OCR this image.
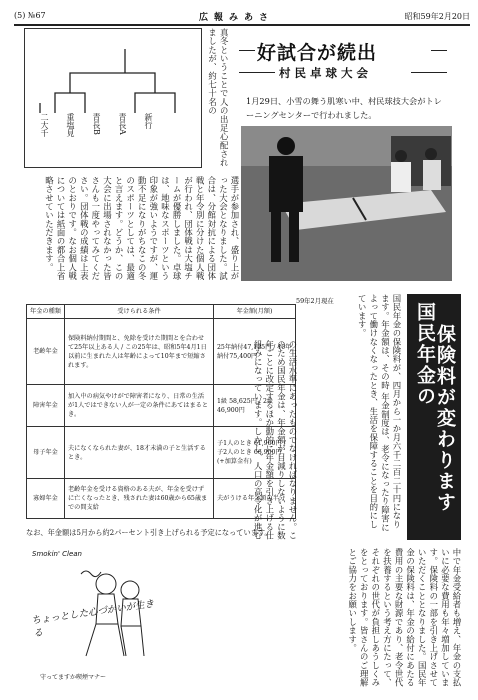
(5) №67	広報みあさ	昭和59年2月20日
二大千 重塩見 青長B 青長A 新行	真冬ということで人の出足心配されましたが、約七十名の	好試合が続出
村民卓球大会
1月29日、小雪の舞う肌寒い中、村民球技大会がトレーニングセンターで行われました。
選手が参加され、盛り上がった大会となりました。試合は、分館対抗による団体戦と年令別に分けた個人戦が行われ、団体戦は大塩チームが優勝しました。卓球は、地味なスポーツという印象が強いようですが、運動不足になりがちなこの冬のスポーツとしては、最適と言えます。どうか、この大会に出場されなかった皆さんも一度やってみてください。団体戦の成績は上表のとおりです。なお個人戦については紙面の都合上省略させていただきます。
59年2月現在
年金の種類	受けられる条件	年金額(月額)
老齢年金	保険料納付期間と、免除を受けた期間とを合わせて25年以上ある人 / この25年は、昭和5年4月1日以前に生まれた人は年齢によって10年まで短縮されます。	25年納付47,125円 / 40年納付75,400円
障害年金	加入中の病気やけがで障害者になり、日常の生活が1人ではできない人が一定の条件にあてはまるとき。	1級 58,625円 / 2級 46,900円
母子年金	夫になくなられた妻が、18才未満の子と生活するとき。	子1人のとき 61,900円 / 子2人のとき 66,900円 (+加算金有)
寡婦年金	老齢年金を受ける資格のある夫が、年金を受けずに亡くなったとき、残された妻は60歳から65歳までの間支給	夫がうける年金額の半分
なお、年金額は5月から約2パーセント引き上げられる予定になっています。
国民年金の
保険料が変わります
国民年金の保険料が、四月から一か月六千二百二十円になります。年金額は、その時 年金制度は、老令になったり障害によって働けなくなったとき、生活を保障することを目的にしています。
の生活水準にあったものでなければなりません。このため国民年金は、年金額が目減りしないように数年ごとに改定するほか動的に年金額を引き上げる仕組みになっています。しかし、人口の高令化が進む
中で年金受給者も増え、年金の支払いに必要な費用も年々増加しています。保険料の一部を引き上げさせていただくこととなりました。国民年金の保険料は、年金の給付にあたる費用の主要な財源であり、老令世代を扶養するという考え方にたって、それぞれの世代が負担しあうしくみをとっております。皆さんのご理解とご協力をお願いします。
Smokin' Clean
ちょっとした心づかいが生きる
守ってますか喫煙マナー
